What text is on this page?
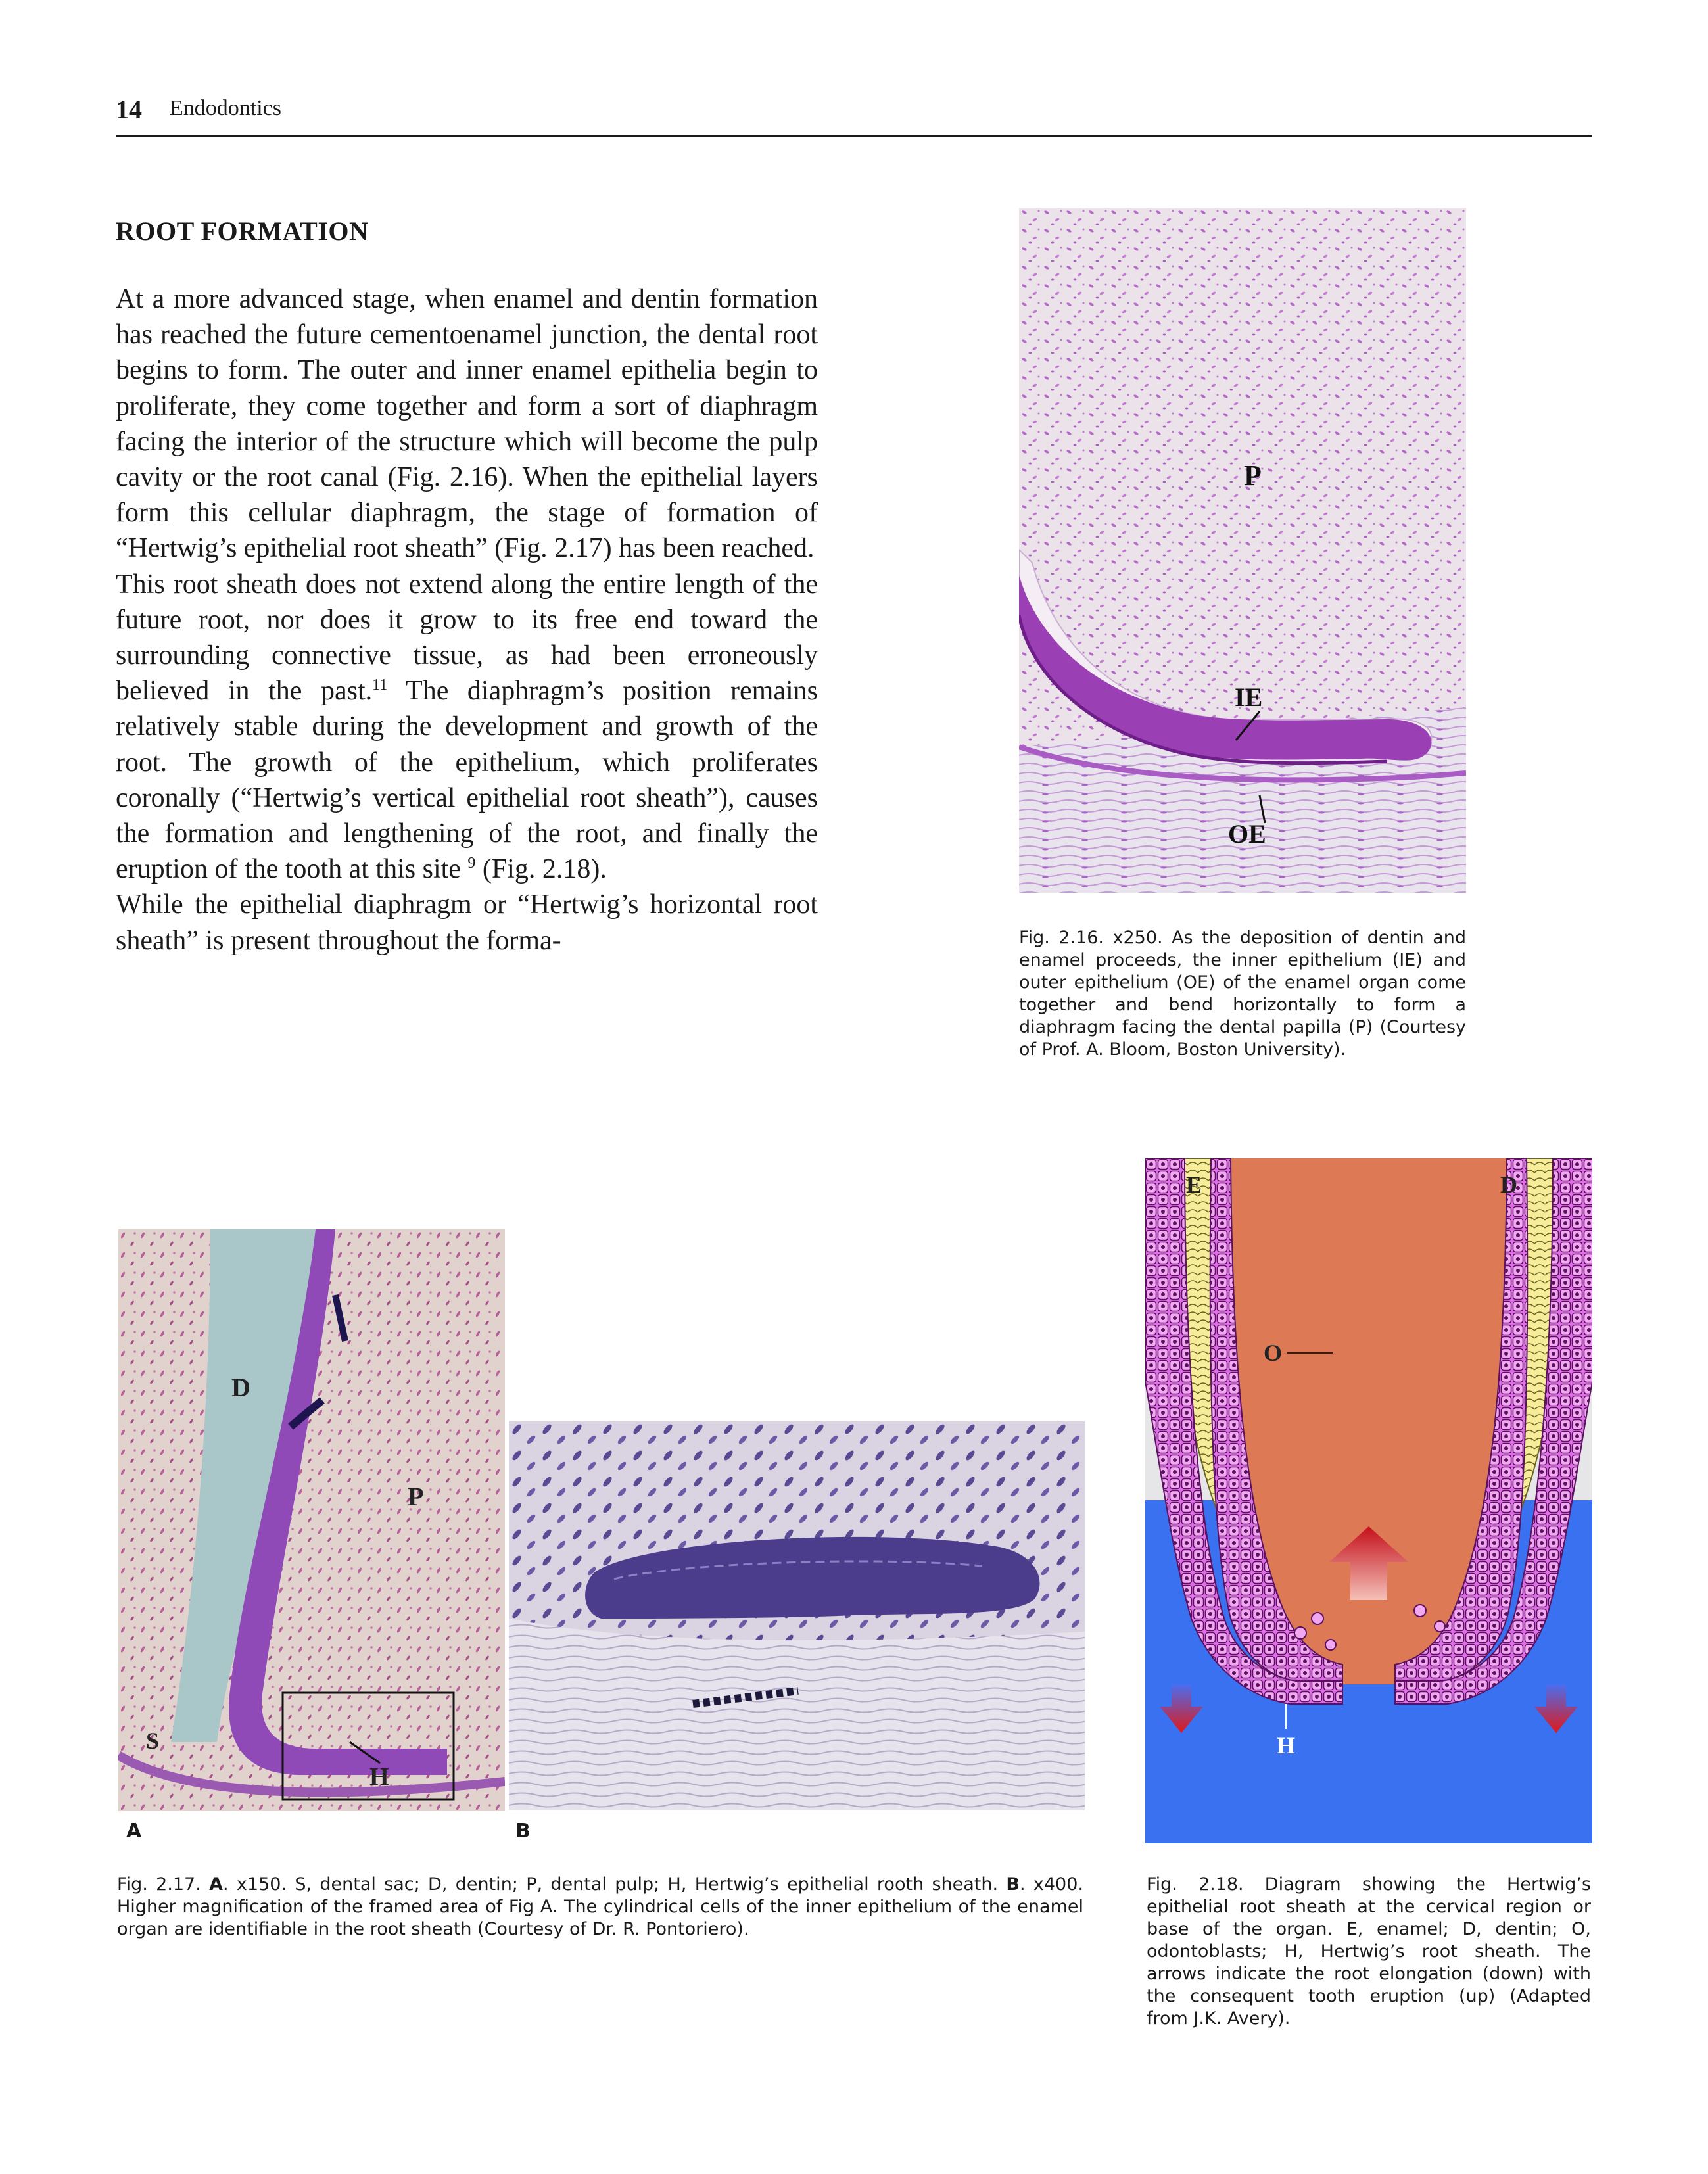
14 Endodontics
ROOT FORMATION

At a more advanced stage, when enamel and dentin formation has reached the future cementoenamel junction, the dental root begins to form. The outer and inner enamel epithelia begin to proliferate, they come together and form a sort of diaphragm facing the interior of the structure which will become the pulp cavity or the root canal (Fig. 2.16). When the epithelial layers form this cellular diaphragm, the stage of formation of “Hertwig’s epithelial root sheath” (Fig. 2.17) has been reached.

This root sheath does not extend along the entire length of the future root, nor does it grow to its free end toward the surrounding connective tissue, as had been erroneously believed in the past.$^{11}$ The diaphragm’s position remains relatively stable during the development and growth of the root. The growth of the epithelium, which proliferates coronally (“Hertwig’s vertical epithelial root sheath”), causes the formation and lengthening of the root, and finally the eruption of the tooth at this site $^9$ (Fig. 2.18).

While the epithelial diaphragm or “Hertwig’s horizontal root sheath” is present throughout the forma-

P
IE
OE
Fig. 2.16. x250. As the deposition of dentin and enamel proceeds, the inner epithelium (IE) and outer epithelium (OE) of the enamel organ come together and bend horizontally to form a diaphragm facing the dental papilla (P) (Courtesy of Prof. A. Bloom, Boston University).
D
P
S
H
A	B
Fig. 2.17. A. x150. S, dental sac; D, dentin; P, dental pulp; H, Hertwig’s epithelial rooth sheath. B. x400. Higher magnification of the framed area of Fig A. The cylindrical cells of the inner epithelium of the enamel organ are identifiable in the root sheath (Courtesy of Dr. R. Pontoriero).
E	D
O
H
Fig. 2.18. Diagram showing the Hertwig’s epithelial root sheath at the cervical region or base of the organ. E, enamel; D, dentin; O, odontoblasts; H, Hertwig’s root sheath. The arrows indicate the root elongation (down) with the consequent tooth eruption (up) (Adapted from J.K. Avery).
